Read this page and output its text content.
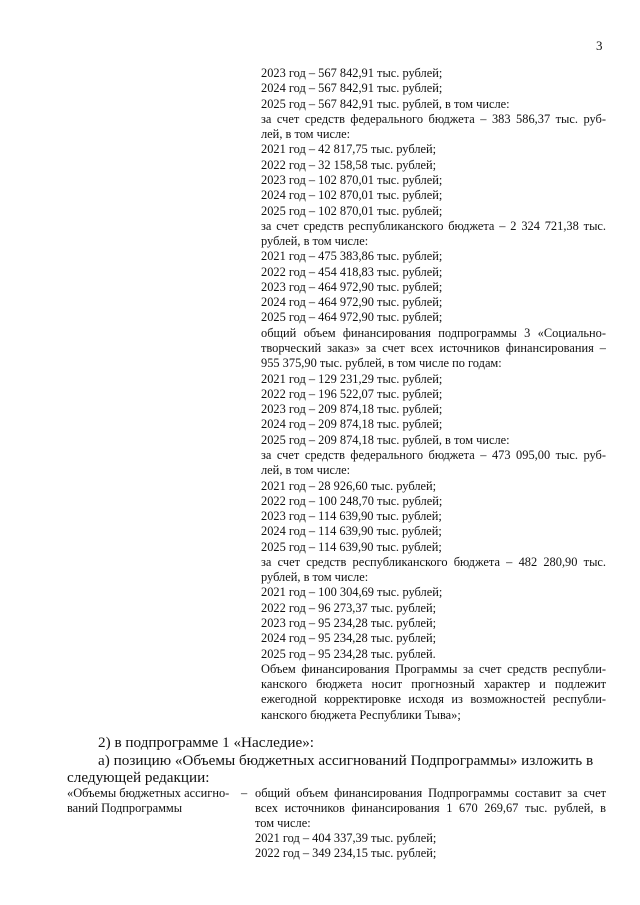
3
2023 год – 567 842,91 тыс. рублей;
2024 год – 567 842,91 тыс. рублей;
2025 год – 567 842,91 тыс. рублей, в том числе:
за счет средств федерального бюджета – 383 586,37 тыс. руб-
лей, в том числе:
2021 год – 42 817,75 тыс. рублей;
2022 год – 32 158,58 тыс. рублей;
2023 год – 102 870,01 тыс. рублей;
2024 год – 102 870,01 тыс. рублей;
2025 год – 102 870,01 тыс. рублей;
за счет средств республиканского бюджета – 2 324 721,38 тыс.
рублей, в том числе:
2021 год – 475 383,86 тыс. рублей;
2022 год – 454 418,83 тыс. рублей;
2023 год – 464 972,90 тыс. рублей;
2024 год – 464 972,90 тыс. рублей;
2025 год – 464 972,90 тыс. рублей;
общий объем финансирования подпрограммы 3 «Социально-
творческий заказ» за счет всех источников финансирования –
955 375,90 тыс. рублей, в том числе по годам:
2021 год – 129 231,29 тыс. рублей;
2022 год – 196 522,07 тыс. рублей;
2023 год – 209 874,18 тыс. рублей;
2024 год – 209 874,18 тыс. рублей;
2025 год – 209 874,18 тыс. рублей, в том числе:
за счет средств федерального бюджета – 473 095,00 тыс. руб-
лей, в том числе:
2021 год – 28 926,60 тыс. рублей;
2022 год – 100 248,70 тыс. рублей;
2023 год – 114 639,90 тыс. рублей;
2024 год – 114 639,90 тыс. рублей;
2025 год – 114 639,90 тыс. рублей;
за счет средств республиканского бюджета – 482 280,90 тыс.
рублей, в том числе:
2021 год – 100 304,69 тыс. рублей;
2022 год – 96 273,37 тыс. рублей;
2023 год – 95 234,28 тыс. рублей;
2024 год – 95 234,28 тыс. рублей;
2025 год – 95 234,28 тыс. рублей.
Объем финансирования Программы за счет средств республи-
канского бюджета носит прогнозный характер и подлежит
ежегодной корректировке исходя из возможностей республи-
канского бюджета Республики Тыва»;
2) в подпрограмме 1 «Наследие»:
а) позицию «Объемы бюджетных ассигнований Подпрограммы» изложить в
следующей редакции:
«Объемы бюджетных ассигно-
ваний Подпрограммы
– общий объем финансирования Подпрограммы составит за счет
всех источников финансирования 1 670 269,67 тыс. рублей, в
том числе:
2021 год – 404 337,39 тыс. рублей;
2022 год – 349 234,15 тыс. рублей;
